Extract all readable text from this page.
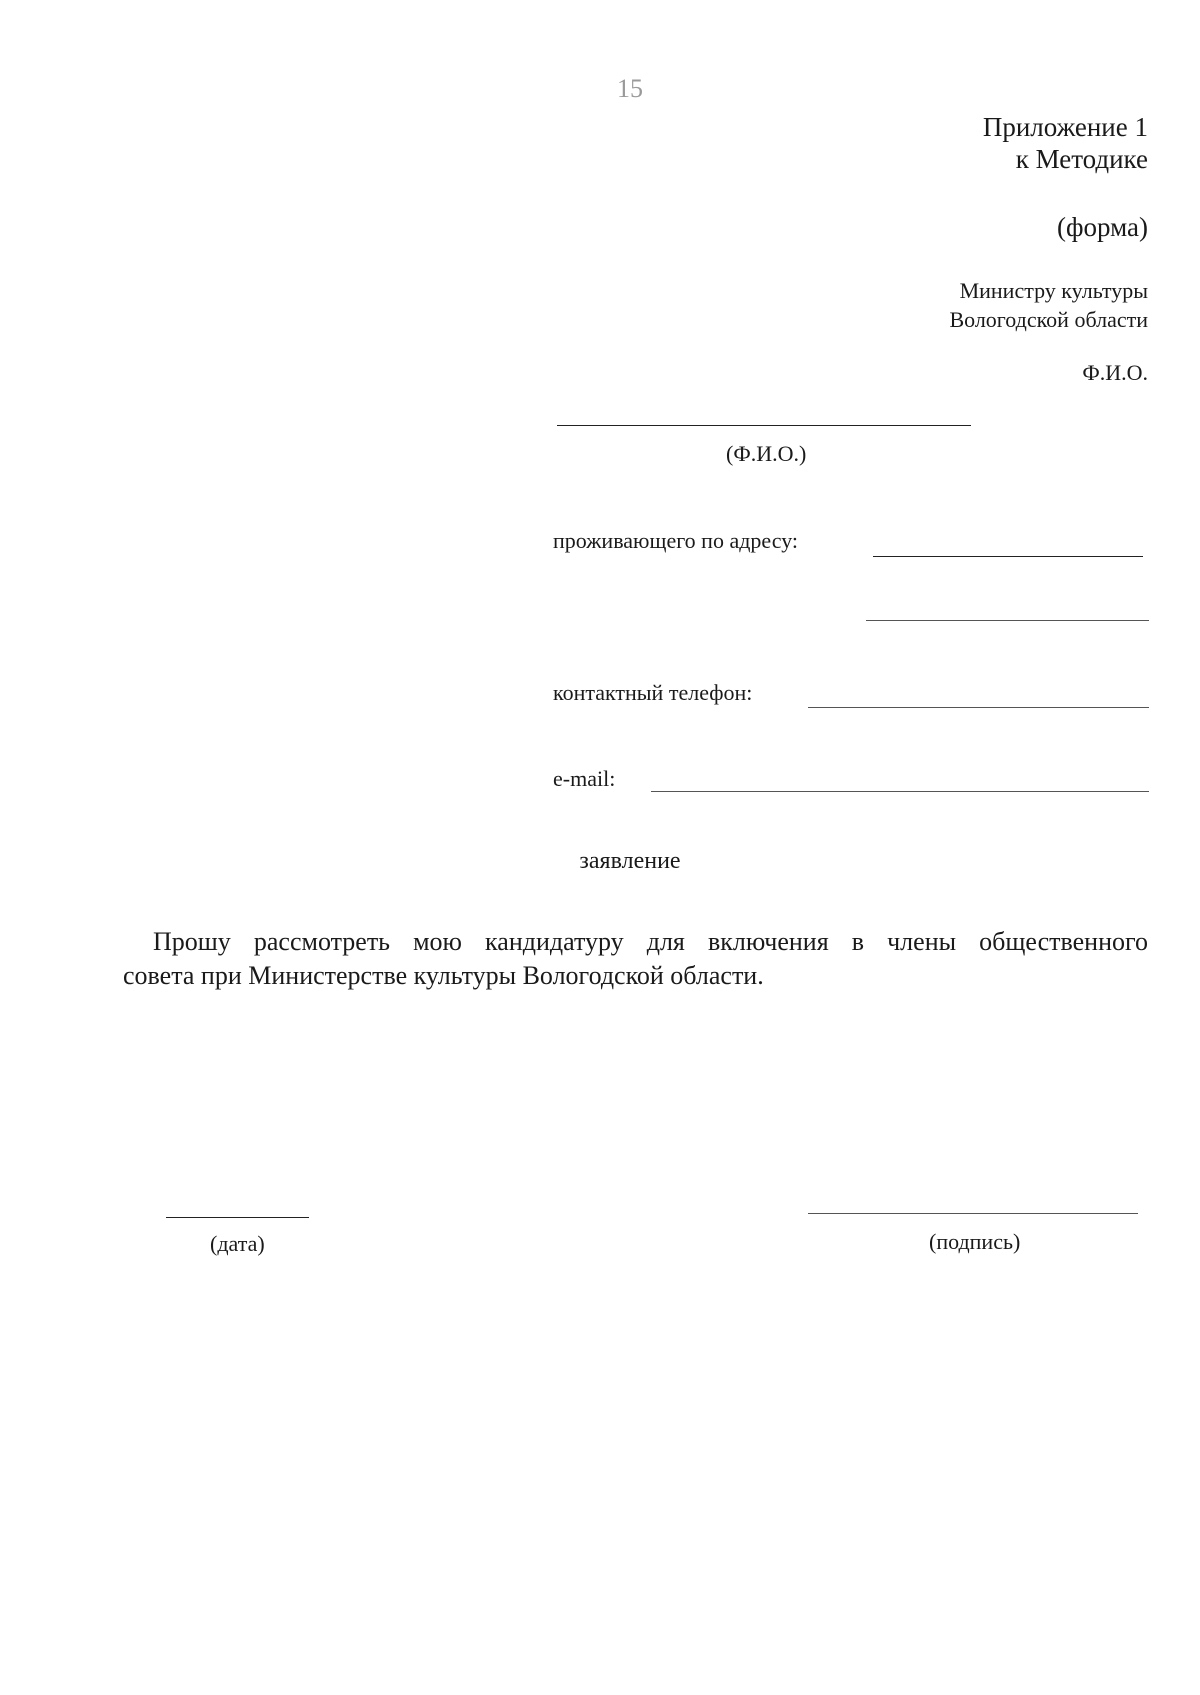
15
Приложение 1
к Методике
(форма)
Министру культуры
Вологодской области
Ф.И.О.
(Ф.И.О.)
проживающего по адресу:
контактный телефон:
e-mail:
заявление
Прошу рассмотреть мою кандидатуру для включения в члены общественного
совета при Министерстве культуры Вологодской области.
(дата)	(подпись)
